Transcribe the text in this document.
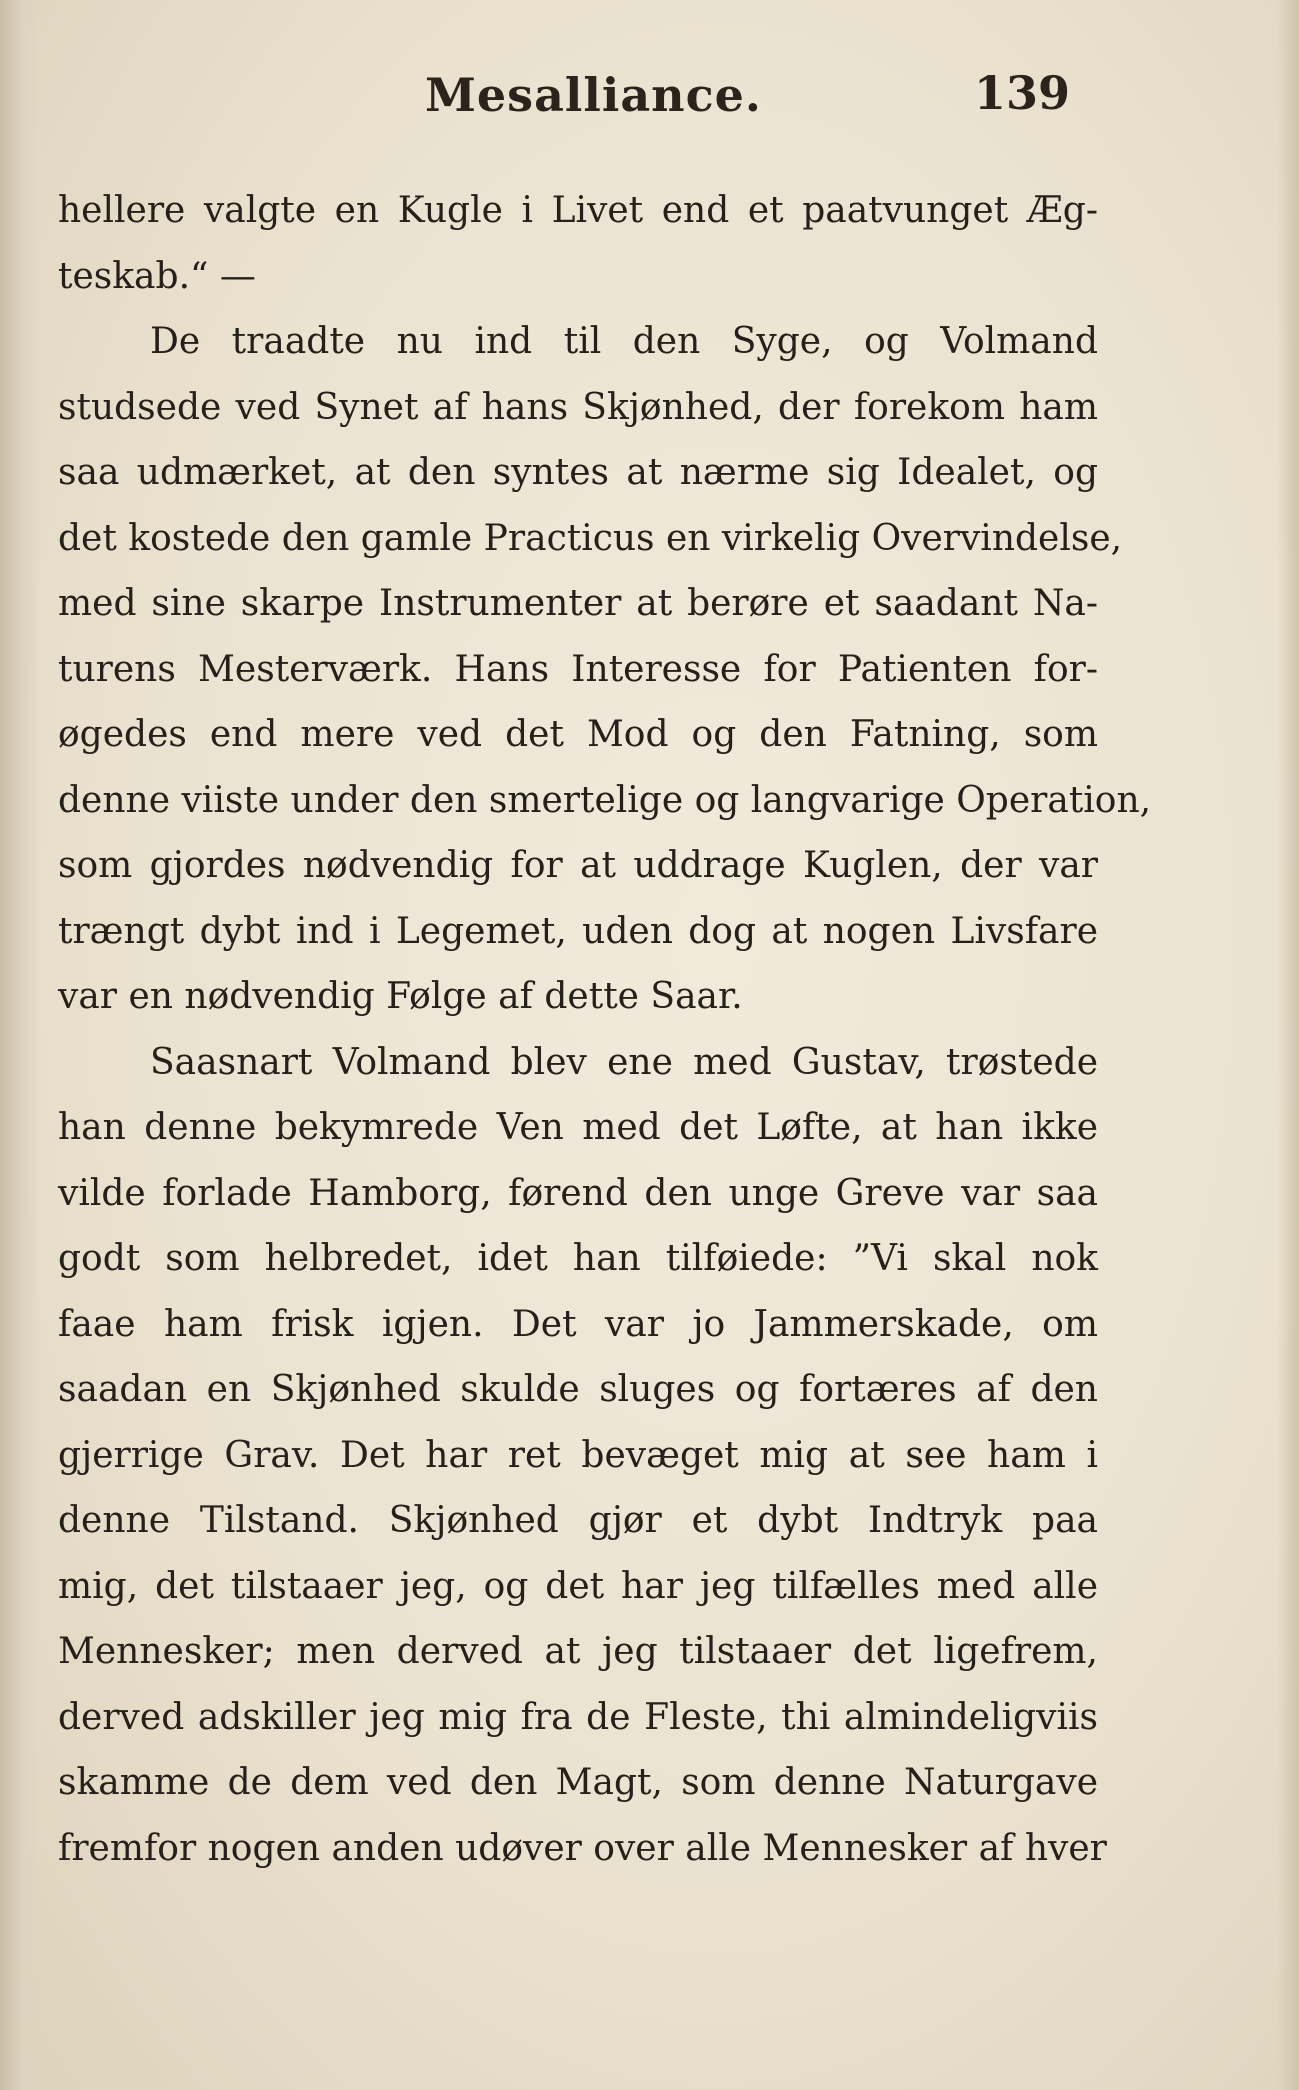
Mesalliance.	139
hellere valgte en Kugle i Livet end et paatvunget Æg-
teskab.“ —
De traadte nu ind til den Syge, og Volmand
studsede ved Synet af hans Skjønhed, der forekom ham
saa udmærket, at den syntes at nærme sig Idealet, og
det kostede den gamle Practicus en virkelig Overvindelse,
med sine skarpe Instrumenter at berøre et saadant Na-
turens Mesterværk. Hans Interesse for Patienten for-
øgedes end mere ved det Mod og den Fatning, som
denne viiste under den smertelige og langvarige Operation,
som gjordes nødvendig for at uddrage Kuglen, der var
trængt dybt ind i Legemet, uden dog at nogen Livsfare
var en nødvendig Følge af dette Saar.
Saasnart Volmand blev ene med Gustav, trøstede
han denne bekymrede Ven med det Løfte, at han ikke
vilde forlade Hamborg, førend den unge Greve var saa
godt som helbredet, idet han tilføiede: ”Vi skal nok
faae ham frisk igjen. Det var jo Jammerskade, om
saadan en Skjønhed skulde sluges og fortæres af den
gjerrige Grav. Det har ret bevæget mig at see ham i
denne Tilstand. Skjønhed gjør et dybt Indtryk paa
mig, det tilstaaer jeg, og det har jeg tilfælles med alle
Mennesker; men derved at jeg tilstaaer det ligefrem,
derved adskiller jeg mig fra de Fleste, thi almindeligviis
skamme de dem ved den Magt, som denne Naturgave
fremfor nogen anden udøver over alle Mennesker af hver
